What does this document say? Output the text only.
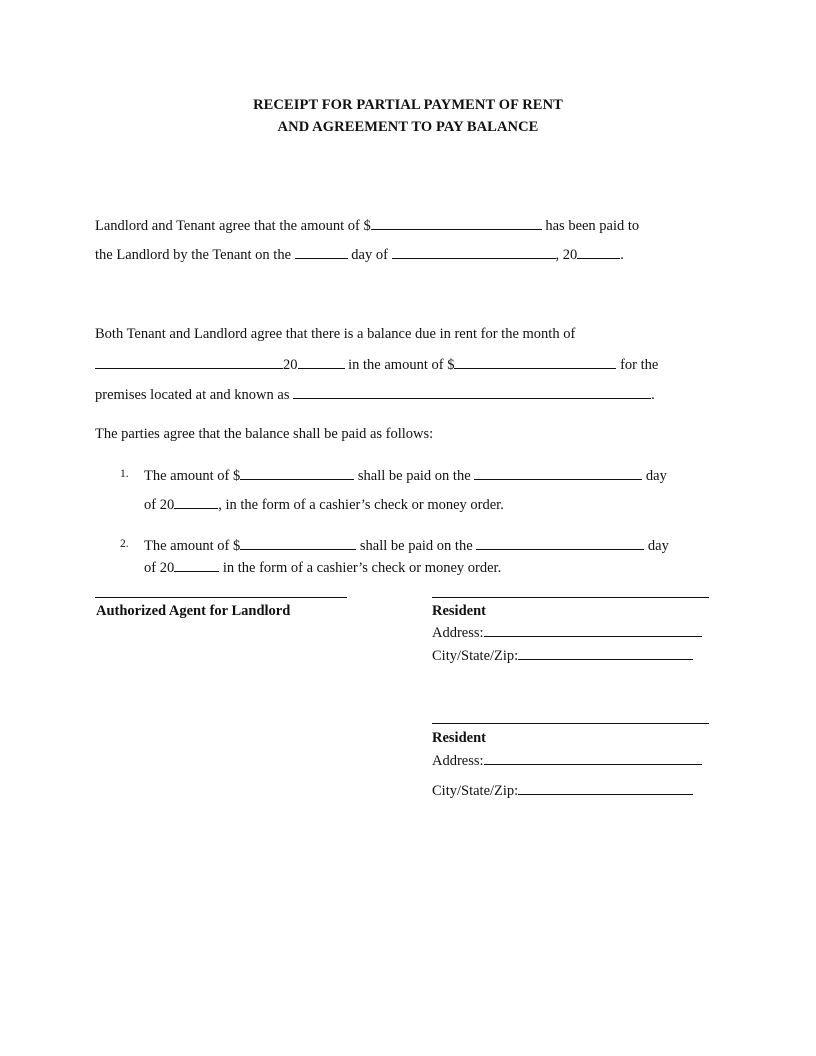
RECEIPT FOR PARTIAL PAYMENT OF RENT
AND AGREEMENT TO PAY BALANCE
Landlord and Tenant agree that the amount of $	has been paid to
the Landlord by the Tenant on the	day of	, 20	.
Both Tenant and Landlord agree that there is a balance due in rent for the month of
20	in the amount of $	for the
premises located at and known as	.
The parties agree that the balance shall be paid as follows:
1. The amount of $	shall be paid on the	day
of 20	, in the form of a cashier’s check or money order.
2. The amount of $	shall be paid on the	day
of 20	in the form of a cashier’s check or money order.
Authorized Agent for Landlord	Resident
Address:
City/State/Zip:
Resident
Address:
City/State/Zip:
